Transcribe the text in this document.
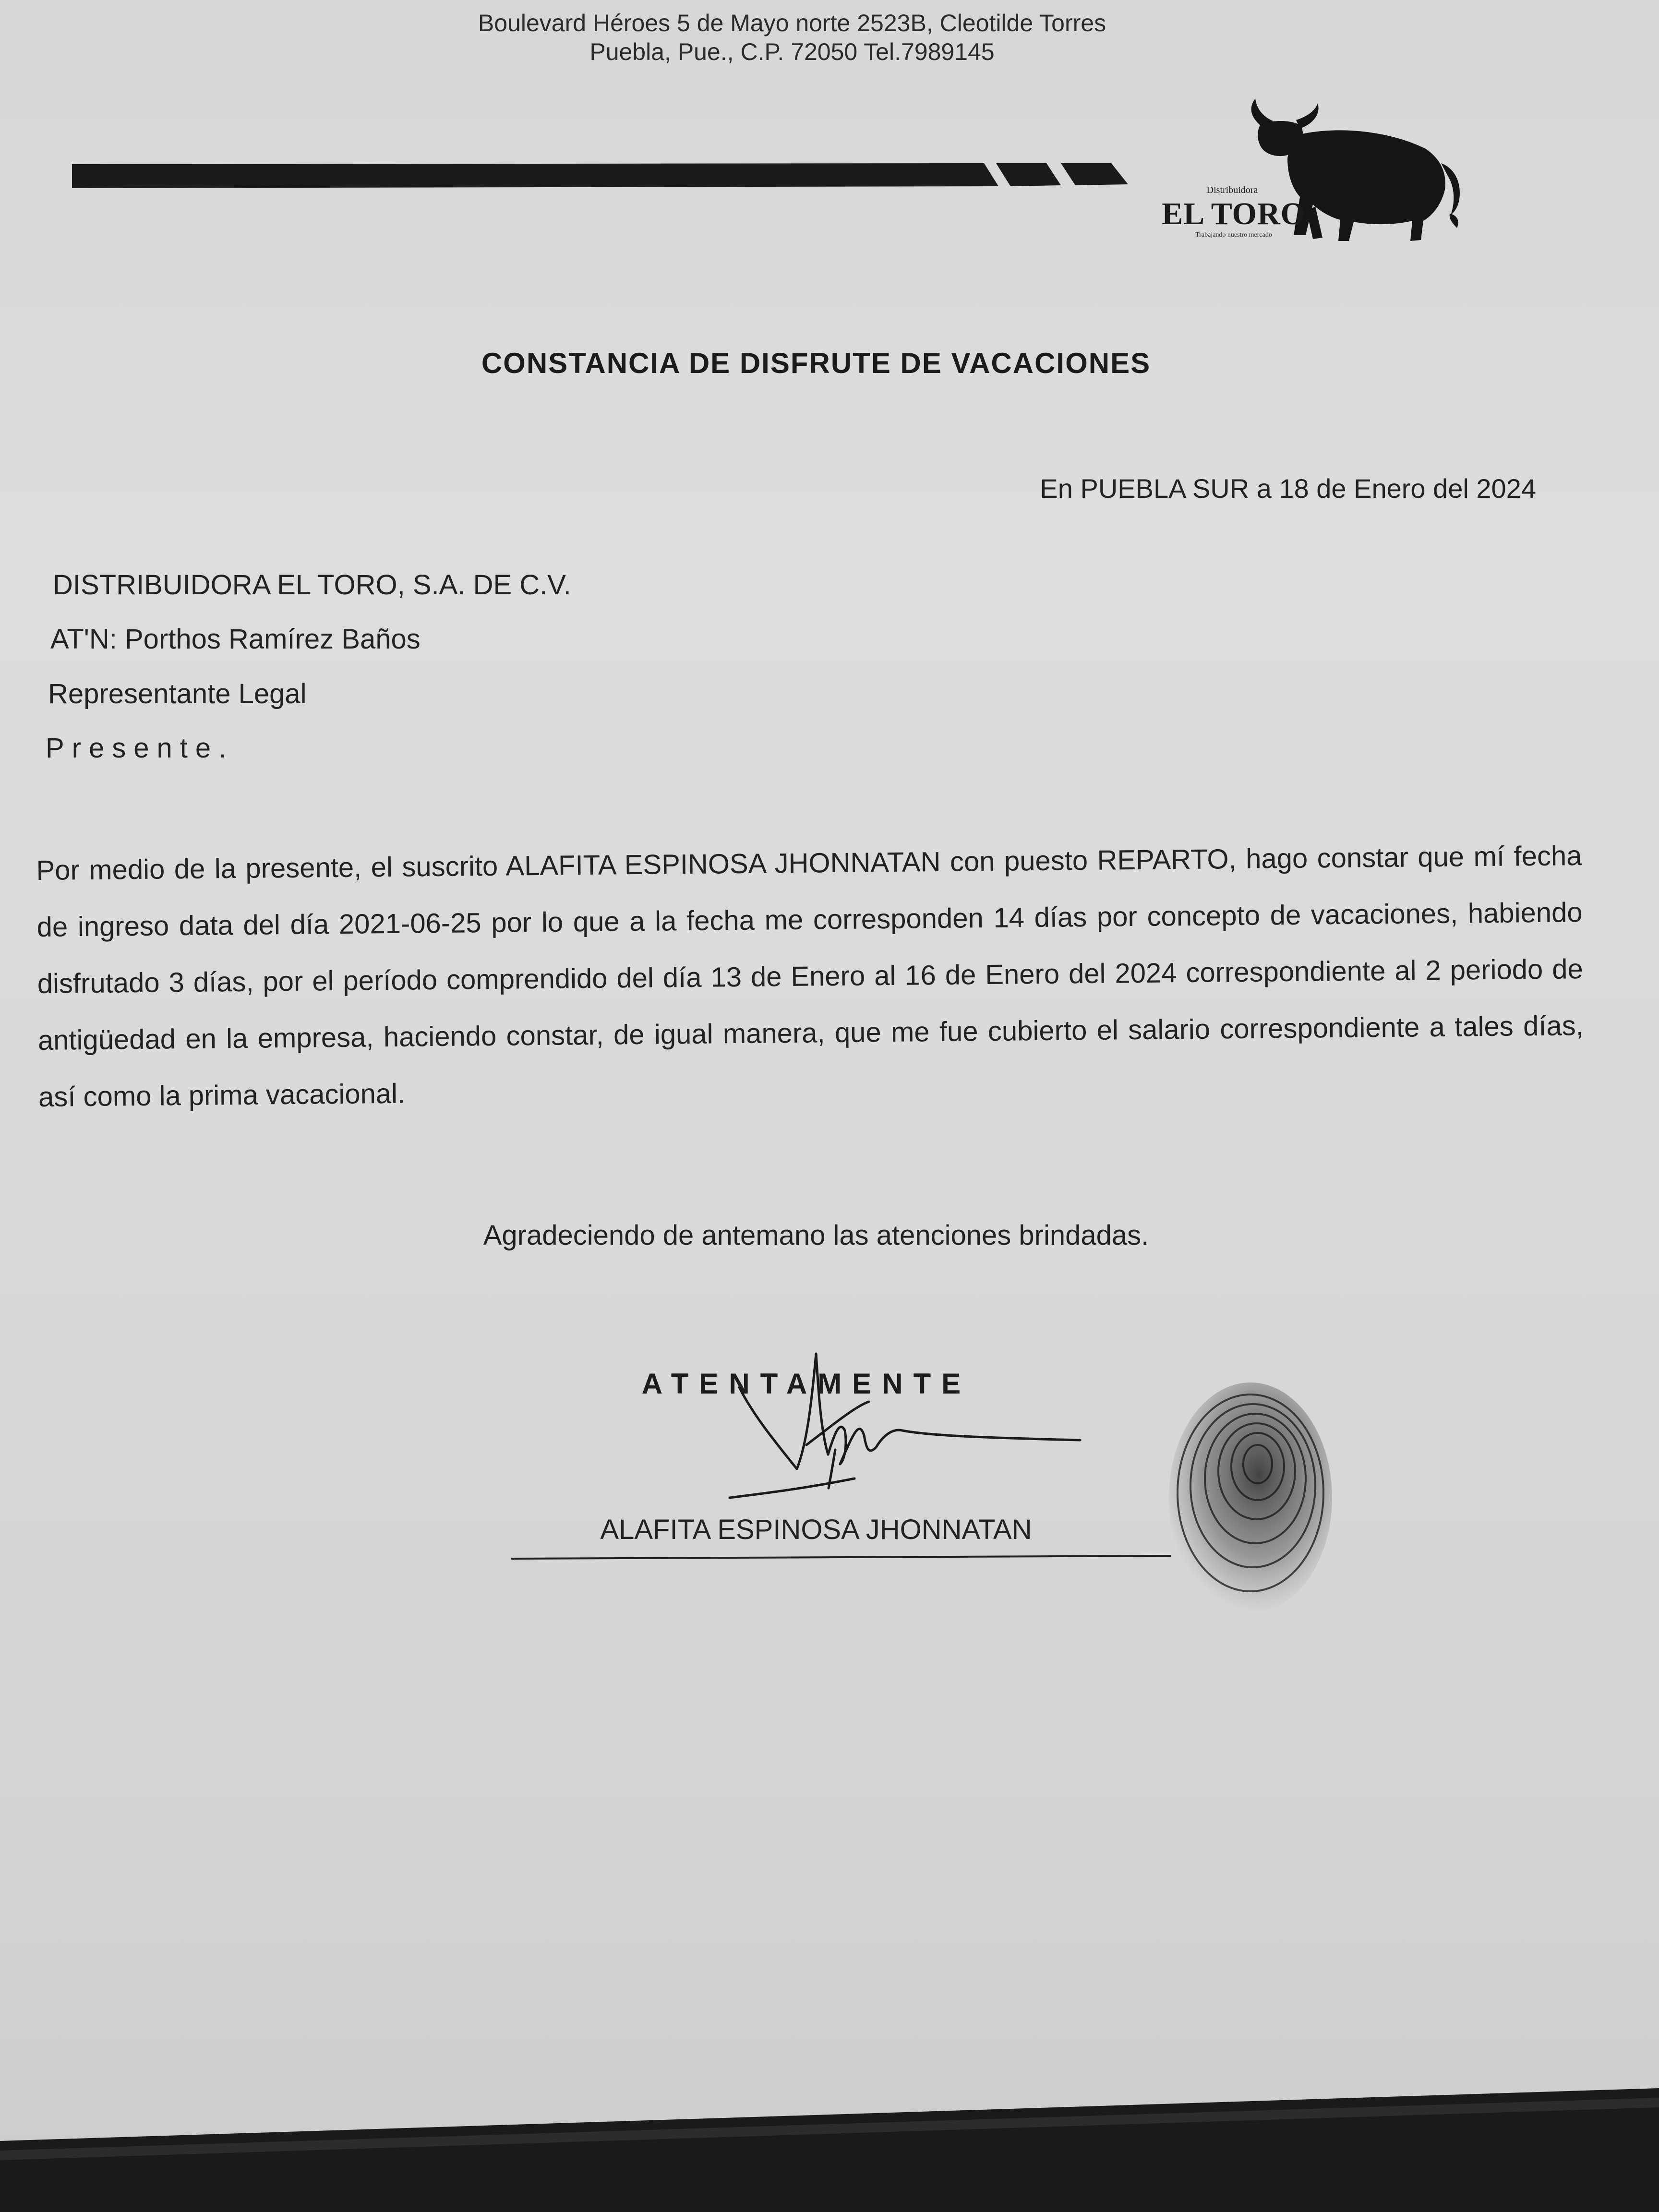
Boulevard Héroes 5 de Mayo norte 2523B, Cleotilde Torres
Puebla, Pue., C.P. 72050 Tel.7989145
Distribuidora
EL TORO
Trabajando nuestro mercado
CONSTANCIA DE DISFRUTE DE VACACIONES
En PUEBLA SUR a 18 de Enero del 2024
DISTRIBUIDORA EL TORO, S.A. DE C.V.
AT'N: Porthos Ramírez Baños
Representante Legal
Presente.
Por medio de la presente, el suscrito ALAFITA ESPINOSA JHONNATAN con puesto REPARTO, hago constar que mí fecha de ingreso data del día 2021-06-25 por lo que a la fecha me corresponden 14 días por concepto de vacaciones, habiendo disfrutado 3 días, por el período comprendido del día 13 de Enero al 16 de Enero del 2024 correspondiente al 2 periodo de antigüedad en la empresa, haciendo constar, de igual manera, que me fue cubierto el salario correspondiente a tales días, así como la prima vacacional.
Agradeciendo de antemano las atenciones brindadas.
ATENTAMENTE
ALAFITA ESPINOSA JHONNATAN
